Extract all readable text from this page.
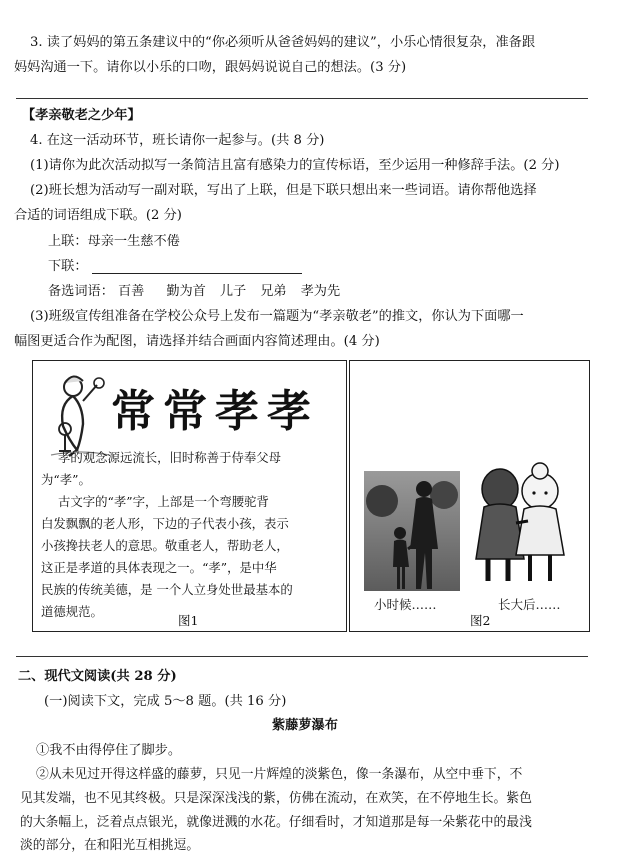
3. 读了妈妈的第五条建议中的“你必须听从爸爸妈妈的建议”，小乐心情很复杂，准备跟
妈妈沟通一下。请你以小乐的口吻，跟妈妈说说自己的想法。(3 分)
【孝亲敬老之少年】
4. 在这一活动环节，班长请你一起参与。(共 8 分)
(1)请你为此次活动拟写一条简洁且富有感染力的宣传标语，至少运用一种修辞手法。(2 分)
(2)班长想为活动写一副对联，写出了上联，但是下联只想出来一些词语。请你帮他选择
合适的词语组成下联。(2 分)
上联：母亲一生慈不倦
下联：
备选词语： 百善 勤为首 儿子 兄弟 孝为先
(3)班级宣传组准备在学校公众号上发布一篇题为“孝亲敬老”的推文，你认为下面哪一
幅图更适合作为配图，请选择并结合画面内容简述理由。(4 分)
常常孝孝
孝的观念源远流长，旧时称善于侍奉父母
为“孝”。
古文字的“孝”字，上部是一个弯腰驼背
白发飘飘的老人形，下边的子代表小孩，表示
小孩搀扶老人的意思。敬重老人，帮助老人，
这正是孝道的具体表现之一。“孝”，是中华
民族的传统美德，是 一个人立身处世最基本的
道德规范。
图1
小时候……	长大后……
图2
二、现代文阅读(共 28 分)
(一)阅读下文，完成 5～8 题。(共 16 分)
紫藤萝瀑布
①我不由得停住了脚步。
②从未见过开得这样盛的藤萝，只见一片辉煌的淡紫色，像一条瀑布，从空中垂下，不
见其发端，也不见其终极。只是深深浅浅的紫，仿佛在流动，在欢笑，在不停地生长。紫色
的大条幅上，泛着点点银光，就像迸溅的水花。仔细看时，才知道那是每一朵紫花中的最浅
淡的部分，在和阳光互相挑逗。
